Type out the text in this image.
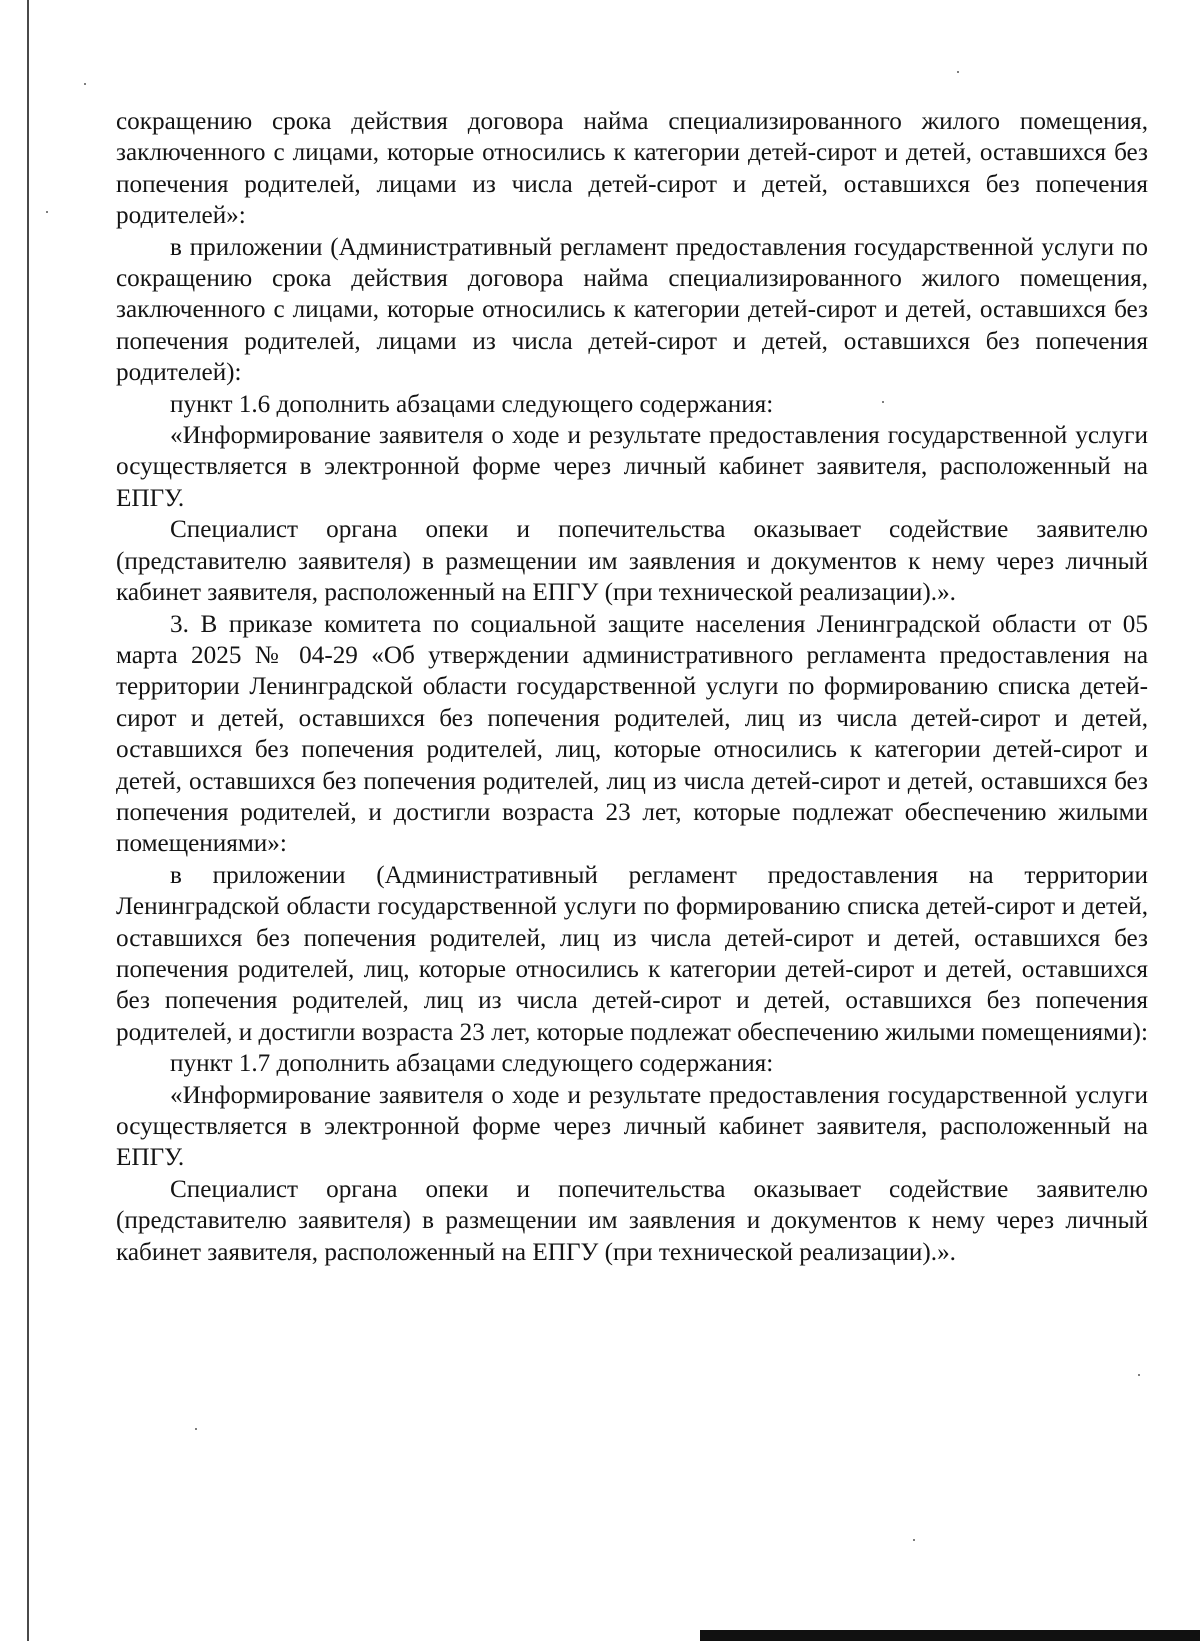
сокращению срока действия договора найма специализированного жилого помещения, заключенного с лицами, которые относились к категории детей-сирот и детей, оставшихся без попечения родителей, лицами из числа детей-сирот и детей, оставшихся без попечения родителей»:

в приложении (Административный регламент предоставления государственной услуги по сокращению срока действия договора найма специализированного жилого помещения, заключенного с лицами, которые относились к категории детей-сирот и детей, оставшихся без попечения родителей, лицами из числа детей-сирот и детей, оставшихся без попечения родителей):

пункт 1.6 дополнить абзацами следующего содержания:

«Информирование заявителя о ходе и результате предоставления государственной услуги осуществляется в электронной форме через личный кабинет заявителя, расположенный на ЕПГУ.

Специалист органа опеки и попечительства оказывает содействие заявителю (представителю заявителя) в размещении им заявления и документов к нему через личный кабинет заявителя, расположенный на ЕПГУ (при технической реализации).».

3. В приказе комитета по социальной защите населения Ленинградской области от 05 марта 2025 № 04-29 «Об утверждении административного регламента предоставления на территории Ленинградской области государственной услуги по формированию списка детей-сирот и детей, оставшихся без попечения родителей, лиц из числа детей-сирот и детей, оставшихся без попечения родителей, лиц, которые относились к категории детей-сирот и детей, оставшихся без попечения родителей, лиц из числа детей-сирот и детей, оставшихся без попечения родителей, и достигли возраста 23 лет, которые подлежат обеспечению жилыми помещениями»:

в приложении (Административный регламент предоставления на территории Ленинградской области государственной услуги по формированию списка детей-сирот и детей, оставшихся без попечения родителей, лиц из числа детей-сирот и детей, оставшихся без попечения родителей, лиц, которые относились к категории детей-сирот и детей, оставшихся без попечения родителей, лиц из числа детей-сирот и детей, оставшихся без попечения родителей, и достигли возраста 23 лет, которые подлежат обеспечению жилыми помещениями):

пункт 1.7 дополнить абзацами следующего содержания:

«Информирование заявителя о ходе и результате предоставления государственной услуги осуществляется в электронной форме через личный кабинет заявителя, расположенный на ЕПГУ.

Специалист органа опеки и попечительства оказывает содействие заявителю (представителю заявителя) в размещении им заявления и документов к нему через личный кабинет заявителя, расположенный на ЕПГУ (при технической реализации).».
